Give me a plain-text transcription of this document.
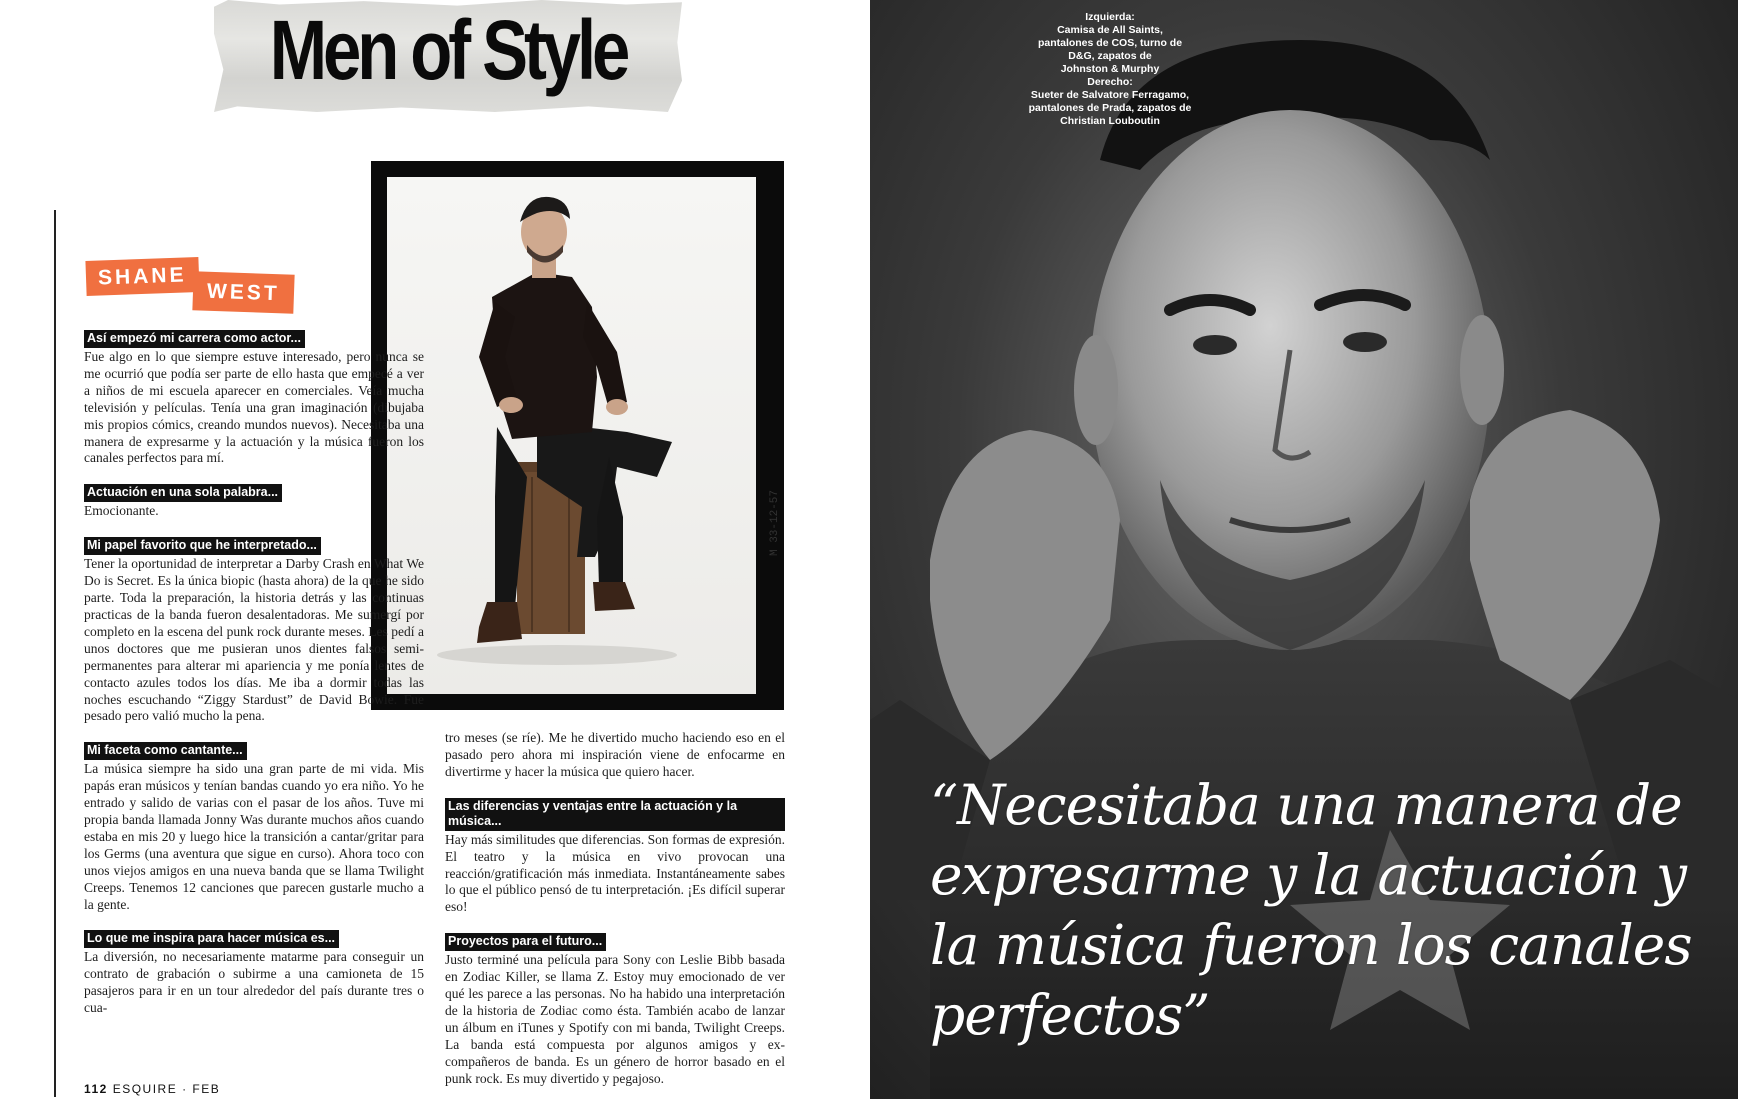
Men of Style
SHANE
WEST
M 33-12-57
Así empezó mi carrera como actor...

Fue algo en lo que siempre estuve interesado, pero nunca se me ocurrió que podía ser parte de ello hasta que empecé a ver a niños de mi escuela aparecer en comerciales. Veía mucha televisión y películas. Tenía una gran imaginación (dibujaba mis propios cómics, creando mundos nuevos). Necesitaba una manera de expresarme y la actuación y la música fueron los canales perfectos para mí.

Actuación en una sola palabra...

Emocionante.

Mi papel favorito que he interpretado...

Tener la oportunidad de interpretar a Darby Crash en What We Do is Secret. Es la única biopic (hasta ahora) de la que he sido parte. Toda la preparación, la historia detrás y las continuas practicas de la banda fueron desalentadoras. Me sumergí por completo en la escena del punk rock durante meses. Les pedí a unos doctores que me pusieran unos dientes falsos semi-permanentes para alterar mi apariencia y me ponía lentes de contacto azules todos los días. Me iba a dormir todas las noches escuchando “Ziggy Stardust” de David Bowie. Fue pesado pero valió mucho la pena.

Mi faceta como cantante...

La música siempre ha sido una gran parte de mi vida. Mis papás eran músicos y tenían bandas cuando yo era niño. Yo he entrado y salido de varias con el pasar de los años. Tuve mi propia banda llamada Jonny Was durante muchos años cuando estaba en mis 20 y luego hice la transición a cantar/gritar para los Germs (una aventura que sigue en curso). Ahora toco con unos viejos amigos en una nueva banda que se llama Twilight Creeps. Tenemos 12 canciones que parecen gustarle mucho a la gente.

Lo que me inspira para hacer música es...

La diversión, no necesariamente matarme para conseguir un contrato de grabación o subirme a una camioneta de 15 pasajeros para ir en un tour alrededor del país durante tres o cua-

tro meses (se ríe). Me he divertido mucho haciendo eso en el pasado pero ahora mi inspiración viene de enfocarme en divertirme y hacer la música que quiero hacer.

Las diferencias y ventajas entre la actuación y la música...

Hay más similitudes que diferencias. Son formas de expresión. El teatro y la música en vivo provocan una reacción/gratificación más inmediata. Instantáneamente sabes lo que el público pensó de tu interpretación. ¡Es difícil superar eso!

Proyectos para el futuro...

Justo terminé una película para Sony con Leslie Bibb basada en Zodiac Killer, se llama Z. Estoy muy emocionado de ver qué les parece a las personas. No ha habido una interpretación de la historia de Zodiac como ésta. También acabo de lanzar un álbum en iTunes y Spotify con mi banda, Twilight Creeps. La banda está compuesta por algunos amigos y ex-compañeros de banda. Es un género de horror basado en el punk rock. Es muy divertido y pegajoso.

112 ESQUIRE · FEB
Izquierda:
Camisa de All Saints,
pantalones de COS, turno de
D&G, zapatos de
Johnston & Murphy
Derecho:
Sueter de Salvatore Ferragamo,
pantalones de Prada, zapatos de
Christian Louboutin
“Necesitaba una manera de expresarme y la actuación y la música fueron los canales perfectos”
